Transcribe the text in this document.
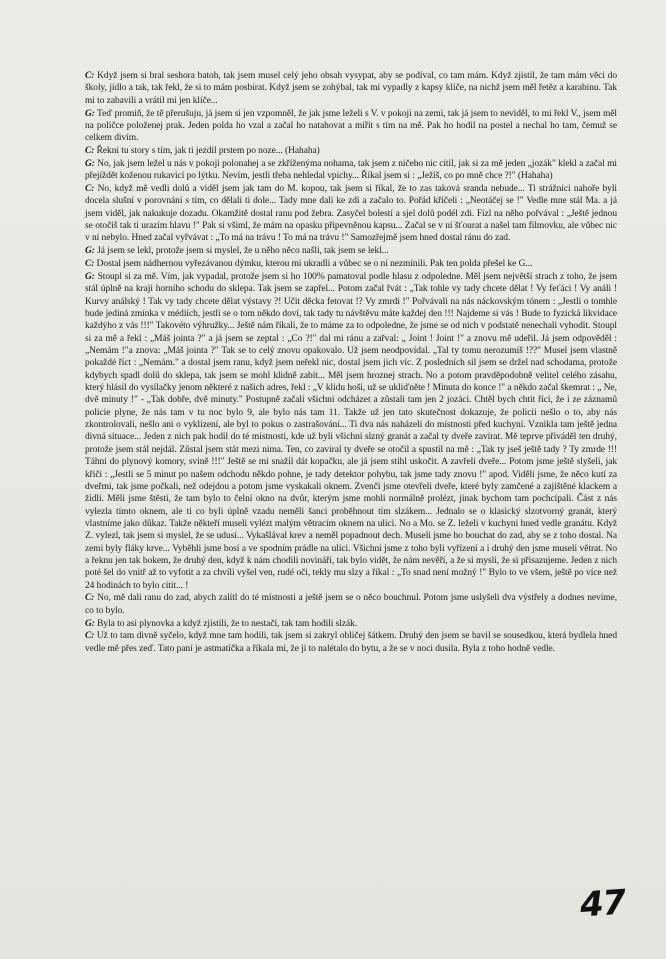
C: Když jsem si bral seshora batoh, tak jsem musel celý jeho obsah vysypat, aby se podíval, co tam mám. Když zjistil, že tam mám věci do školy, jídlo a tak, tak řekl, že si to mám posbírat. Když jsem se zohýbal, tak mi vypadly z kapsy klíče, na nichž jsem měl řetěz a karabinu. Tak mi to zabavili a vrátil mi jen klíče...

G: Teď promiň, že tě přerušuju, já jsem si jen vzpomněl, že jak jsme leželi s V. v pokoji na zemi, tak já jsem to neviděl, to mi řekl V., jsem měl na poličce položenej prak. Jeden polda ho vzal a začal ho natahovat a mířit s tím na mě. Pak ho hodil na postel a nechal ho tam, čemuž se celkem divím.

C: Řekni tu story s tím, jak ti jezdil prstem po noze... (Hahaha)

G: No, jak jsem ležel u nás v pokoji polonahej a se zkříženýma nohama, tak jsem z ničeho nic cítil, jak si za mě jeden „jozák" klekl a začal mi přejíždět koženou rukavicí po lýtku. Nevím, jestli třeba nehledal vpichy... Říkal jsem si : „Ježíš, co po mně chce ?!" (Hahaha)

C: No, když mě vedli dolů a viděl jsem jak tam do M. kopou, tak jsem si říkal, že to zas taková sranda nebude... Ti strážníci nahoře byli docela slušní v porovnání s tím, co dělali ti dole... Tady mne dali ke zdi a začalo to. Pořád křičeli : „Neotáčej se !" Vedle mne stál Ma. a já jsem viděl, jak nakukuje dozadu. Okamžitě dostal ranu pod žebra. Zasyčel bolestí a sjel dolů podél zdi. Fízl na něho pořvával : „Ještě jednou se otočíš tak ti urazím hlavu !" Pak si všiml, že mám na opasku připevněnou kapsu... Začal se v ní šťourat a našel tam filmovku, ale vůbec nic v ní nebylo. Hned začal vyřvávat : „To má na trávu ! To má na trávu !" Samozřejmě jsem hned dostal ránu do zad.

G: Já jsem se lekl, protože jsem si myslel, že u něho něco našli, tak jsem se lekl...

C: Dostal jsem nádhernou vyřezávanou dýmku, kterou mi ukradli a vůbec se o ní nezmínili. Pak ten polda přešel ke G...

G: Stoupl si za mě. Vím, jak vypadal, protože jsem si ho 100% pamatoval podle hlasu z odpoledne. Měl jsem největší strach z toho, že jsem stál úplně na kraji horního schodu do sklepa. Tak jsem se zapřel... Potom začal řvát : „Tak tohle vy tady chcete dělat ! Vy feťáci ! Vy análi ! Kurvy análský ! Tak vy tady chcete dělat výstavy ?! Učit děcka fetovat !? Vy zmrdi !" Pořvávali na nás náckovským tónem : „Jestli o tomhle bude jediná zmínka v médiích, jestli se o tom někdo doví, tak tady tu návštěvu máte každej den !!! Najdeme si vás ! Bude to fyzická likvidace každýho z vás !!!" Takovéto výhružky... Ještě nám říkali, že to máme za to odpoledne, že jsme se od nich v podstatě nenechali vyhodit. Stoupl si za mě a řekl : „Máš jointa ?" a já jsem se zeptal : „Co ?!" dal mi ránu a zařval: „ Joint ! Joint !" a znovu mě udeřil. Já jsem odpověděl : „Nemám !"a znova: „Máš jointa ?" Tak se to celý znovu opakovalo. Už jsem neodpovídal. „Tal ty tomu nerozumíš !??" Musel jsem vlastně pokaždé říct : „Nemám." a dostal jsem ranu, když jsem neřekl nic, dostal jsem jich víc. Z posledních sil jsem se držel nad schodama, protože kdybych spadl dolů do sklepa, tak jsem se mohl klidně zabít... Měl jsem hroznej strach. No a potom pravděpodobně velitel celého zásahu, který hlásil do vysílačky jenom některé z našich adres, řekl : „V klidu hoši, už se ukliďněte ! Minuta do konce !" a někdo začal škemrat : „ Ne, dvě minuty !" - „Tak dobře, dvě minuty." Postupně začali všichni odcházet a zůstali tam jen 2 jozáci. Chtěl bych chtít říci, že i ze záznamů policie plyne, že nás tam v tu noc bylo 9, ale bylo nás tam 11. Takže už jen tato skutečnost dokazuje, že policii nešlo o to, aby nás zkontrolovali, nešlo ani o vyklizení, ale byl to pokus o zastrašování... Ti dva nás naházeli do místnosti před kuchyní. Vznikla tam ještě jedna divná situace... Jeden z nich pak hodil do té místnosti, kde už byli všichni slzný granát a začal ty dveře zavírat. Mě teprve přiváděl ten druhý, protože jsem stál nejdál. Zůstal jsem stát mezi nima. Ten, co zavíral ty dveře se otočil a spustil na mě : „Tak ty jseš ještě tady ? Ty zmrde !!! Táhni do plynový komory, svině !!!" Ještě se mi snažil dát kopačku, ale já jsem stihl uskočit. A zavřeli dveře... Potom jsme ještě slyšeli, jak křičí : „Jestli se 5 minut po našem odchodu někdo pohne, je tady detektor pohybu, tak jsme tady znovu !" apod. Viděli jsme, že něco kutí za dveřmi, tak jsme počkali, než odejdou a potom jsme vyskakali oknem. Zvenčí jsme otevřeli dveře, které byly zamčené a zajištěné klackem a židlí. Měli jsme štěstí, že tam bylo to čelní okno na dvůr, kterým jsme mohli normálně prolézt, jinak bychom tam pochcípali. Část z nás vylezla tímto oknem, ale ti co byli úplně vzadu neměli šanci proběhnout tím slzákem... Jednalo se o klasický slzotvorný granát, který vlastníme jako důkaz. Takže někteří museli vylézt malým větracím oknem na ulici. No a Mo. se Z. leželi v kuchyni hned vedle granátu. Když Z. vylezl, tak jsem si myslel, že se udusí... Vykašlával krev a neměl popadnout dech. Museli jsme ho bouchat do zad, aby se z toho dostal. Na zemi byly fláky krve... Vyběhli jsme bosí a ve spodním prádle na ulici. Všichni jsme z toho byli vyřízení a i druhý den jsme museli větrat. No a řeknu jen tak bokem, že druhý den, když k nám chodili novináři, tak bylo vidět, že nám nevěří, a že si mysli, že si přisazujeme. Jeden z nich poté šel do vnitř až to vyfotit a za chvíli vyšel ven, rudé oči, tekly mu slzy a říkal : „To snad není možný !" Bylo to ve všem, ještě po více než 24 hodinách to bylo cítit... !

C: No, mě dali ranu do zad, abych zalítl do té místnosti a ještě jsem se o něco bouchnul. Potom jsme uslyšeli dva výstřely a dodnes nevíme, co to bylo.

G: Byla to asi plynovka a když zjistili, že to nestačí, tak tam hodili slzák.

C: Už to tam divně syčelo, když mne tam hodili, tak jsem si zakryl obličej šátkem. Druhý den jsem se bavil se sousedkou, která bydlela hned vedle mě přes zeď. Tato paní je astmatička a říkala mi, že jí to nalétalo do bytu, a že se v noci dusila. Byla z toho hodně vedle.

47
